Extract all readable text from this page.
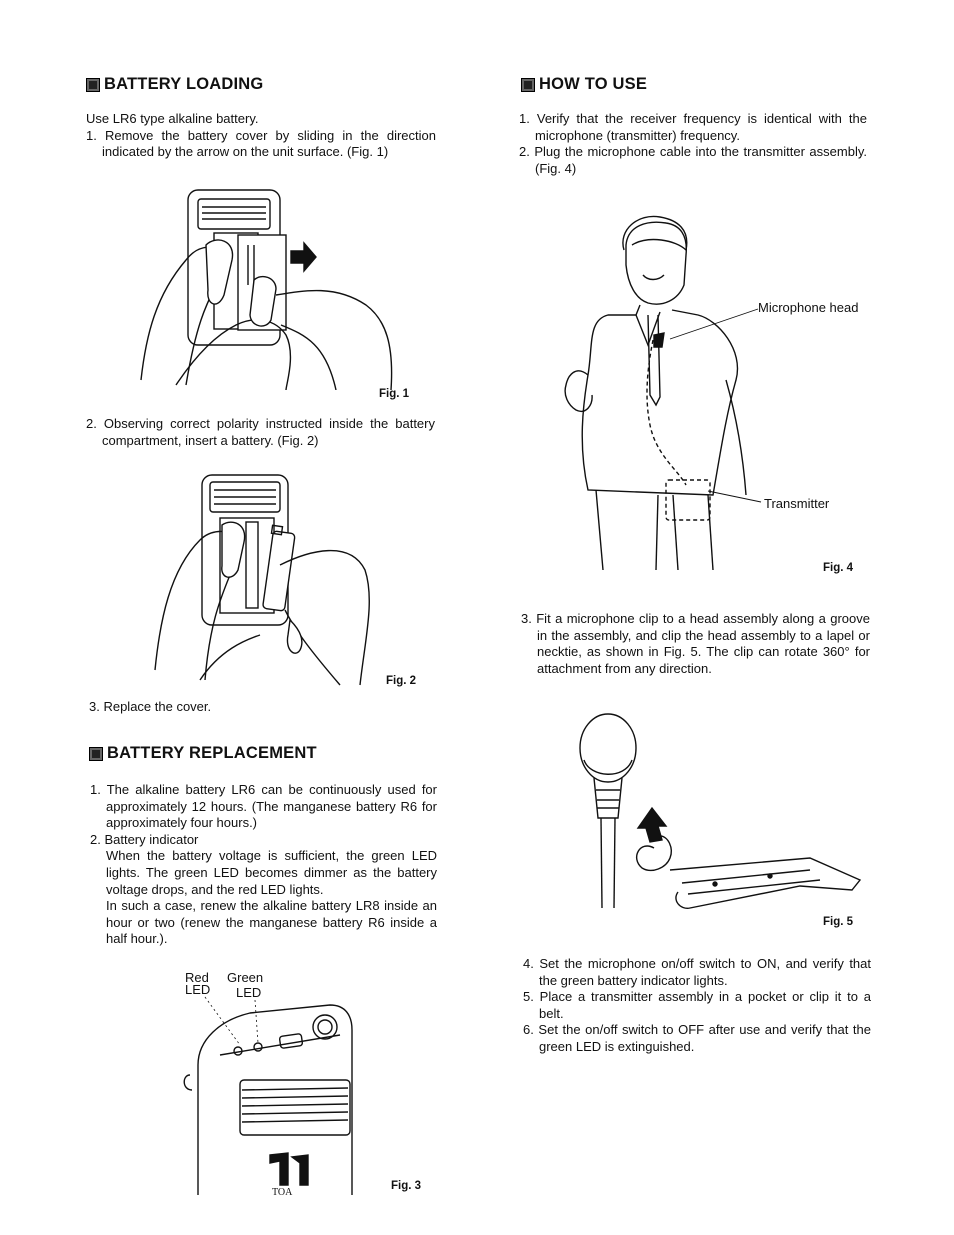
BATTERY LOADING
Use LR6 type alkaline battery.
1. Remove the battery cover by sliding in the direction indicated by the arrow on the unit surface. (Fig. 1)
Fig. 1
2. Observing correct polarity instructed inside the battery compartment, insert a battery. (Fig. 2)
Fig. 2
3. Replace the cover.
BATTERY REPLACEMENT
1. The alkaline battery LR6 can be continuously used for approximately 12 hours. (The manganese battery R6 for approximately four hours.)
2. Battery indicator
When the battery voltage is sufficient, the green LED lights. The green LED becomes dimmer as the battery voltage drops, and the red LED lights.
In such a case, renew the alkaline battery LR8 inside an hour or two (renew the manganese battery R6 inside a half hour.).
Red
LED
Green
LED
TOA
Fig. 3
HOW TO USE
1. Verify that the receiver frequency is identical with the microphone (transmitter) frequency.
2. Plug the microphone cable into the transmitter assembly. (Fig. 4)
Microphone head
Transmitter
Fig. 4
3. Fit a microphone clip to a head assembly along a groove in the assembly, and clip the head assembly to a lapel or necktie, as shown in Fig. 5. The clip can rotate 360° for attachment from any direction.
Fig. 5
4. Set the microphone on/off switch to ON, and verify that the green battery indicator lights.
5. Place a transmitter assembly in a pocket or clip it to a belt.
6. Set the on/off switch to OFF after use and verify that the green LED is extinguished.
